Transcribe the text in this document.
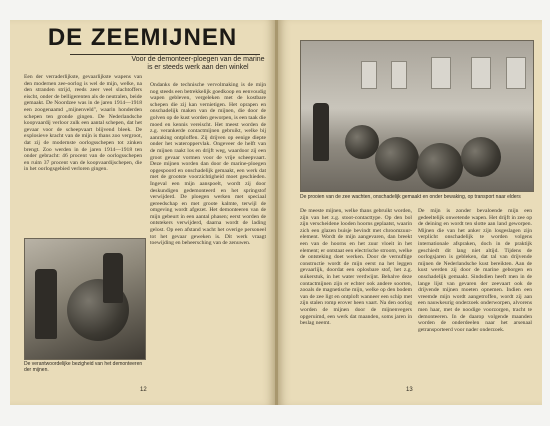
DE ZEEMIJNEN
Voor de demonteer-ploegen van de marine is er steeds werk aan den winkel

Een der verraderlijkste, gevaarlijkste wapens van den modernen zee-oorlog is wel de mijn, welke, na den stranden strijd, reeds zeer veel slachtoffers eischt, onder de belligerenten als de neutralen, beide gemaakt. De Noordzee was in de jaren 1914—1918 een zoogenaamd „mijnenveld", waarin honderden schepen ten gronde gingen. De Nederlandsche koopvaardij verloor zulk een aantal schepen, dat het gevaar voor de scheepvaart blijvend bleek. De explosieve kracht van de mijn is thans zoo vergroot, dat zij de modernste oorlogsschepen tot zinken brengt. Zoo werden in de jaren 1914—1918 ten onder gebracht: 46 procent van de oorlogsschepen en ruim 37 procent van de koopvaardijschepen, die in het oorlogsgebied verloren gingen.

Ondanks de technische vervolmaking is de mijn nog steeds een betrekkelijk goedkoop en eenvoudig wapen gebleven, vergeleken met de kostbare schepen die zij kan vernietigen. Het oprapen en onschadelijk maken van de mijnen, die door de golven op de kust worden geworpen, is een taak die moed en kennis vereischt. Het meest worden de z.g. verankerde contactmijnen gebruikt, welke bij aanraking ontploffen. Zij drijven op eenige diepte onder het wateroppervlak. Ongeveer de helft van de mijnen raakt los en drijft weg, waardoor zij een groot gevaar vormen voor de vrije scheepvaart. Deze mijnen worden dan door de marine-ploegen opgespoord en onschadelijk gemaakt, een werk dat met de grootste voorzichtigheid moet geschieden. Ingeval een mijn aanspoelt, wordt zij door deskundigen gedemonteerd en het springstof verwijderd. De ploegen werken met speciaal gereedschap en met groote kalmte, terwijl de omgeving wordt afgezet. Het demonteeren van de mijn gebeurt in een aantal phasen; eerst worden de ontstekers verwijderd, daarna wordt de lading gelost. Op een afstand wacht het overige personeel tot het gevaar geweken is. Dit werk vraagt toewijding en beheersching van de zenuwen.

De verantwoordelijke bezigheid van het demonteeren der mijnen.
12
De prooien van de zee wachten, onschadelijk gemaakt en onder bewaking, op transport naar elders

De meeste mijnen, welke thans gebruikt worden, zijn van het z.g. stoot-contacttype. Op den bol zijn verscheidene looden hoorns geplaatst, waarin zich een glazen buisje bevindt met chroomzuur-element. Wordt de mijn aangevaren, dan breekt een van de hoorns en het zuur vloeit in het element; er ontstaat een electrische stroom, welke de ontsteking doet werken. Door de vernuftige constructie wordt de mijn eerst na het leggen gevaarlijk, doordat een oplosbare stof, het z.g. suikerstuk, in het water verdwijnt. Behalve deze contactmijnen zijn er echter ook andere soorten, zooals de magnetische mijn, welke op den bodem van de zee ligt en ontploft wanneer een schip met zijn stalen romp erover heen vaart. Na den oorlog worden de mijnen door de mijnenvegers opgeruimd, een werk dat maanden, soms jaren in beslag neemt.

De mijn is zonder bevaloende mijn een gedeeltelijk onwetende wapen. Het drijft in zee op de deining en wordt ten slotte aan land geworpen. Mijnen die van het anker zijn losgeslagen zijn verplicht onschadelijk te worden volgens internationale afspraken, doch in de praktijk geschiedt dit lang niet altijd. Tijdens de oorlogsjaren is gebleken, dat tal van drijvende mijnen de Nederlandsche kust bereikten. Aan de kust werden zij door de marine geborgen en onschadelijk gemaakt. Sindsdien heeft men in de lange lijst van gevaren der zeevaart ook de drijvende mijnen moeten opnemen. Indien een vreemde mijn wordt aangetroffen, wordt zij aan een nauwkeurig onderzoek onderworpen, alvorens men haar, met de noodige voorzorgen, tracht te demonteeren. In de daarop volgende maanden worden de onderdeelen naar het arsenaal getransporteerd voor nader onderzoek.

13
